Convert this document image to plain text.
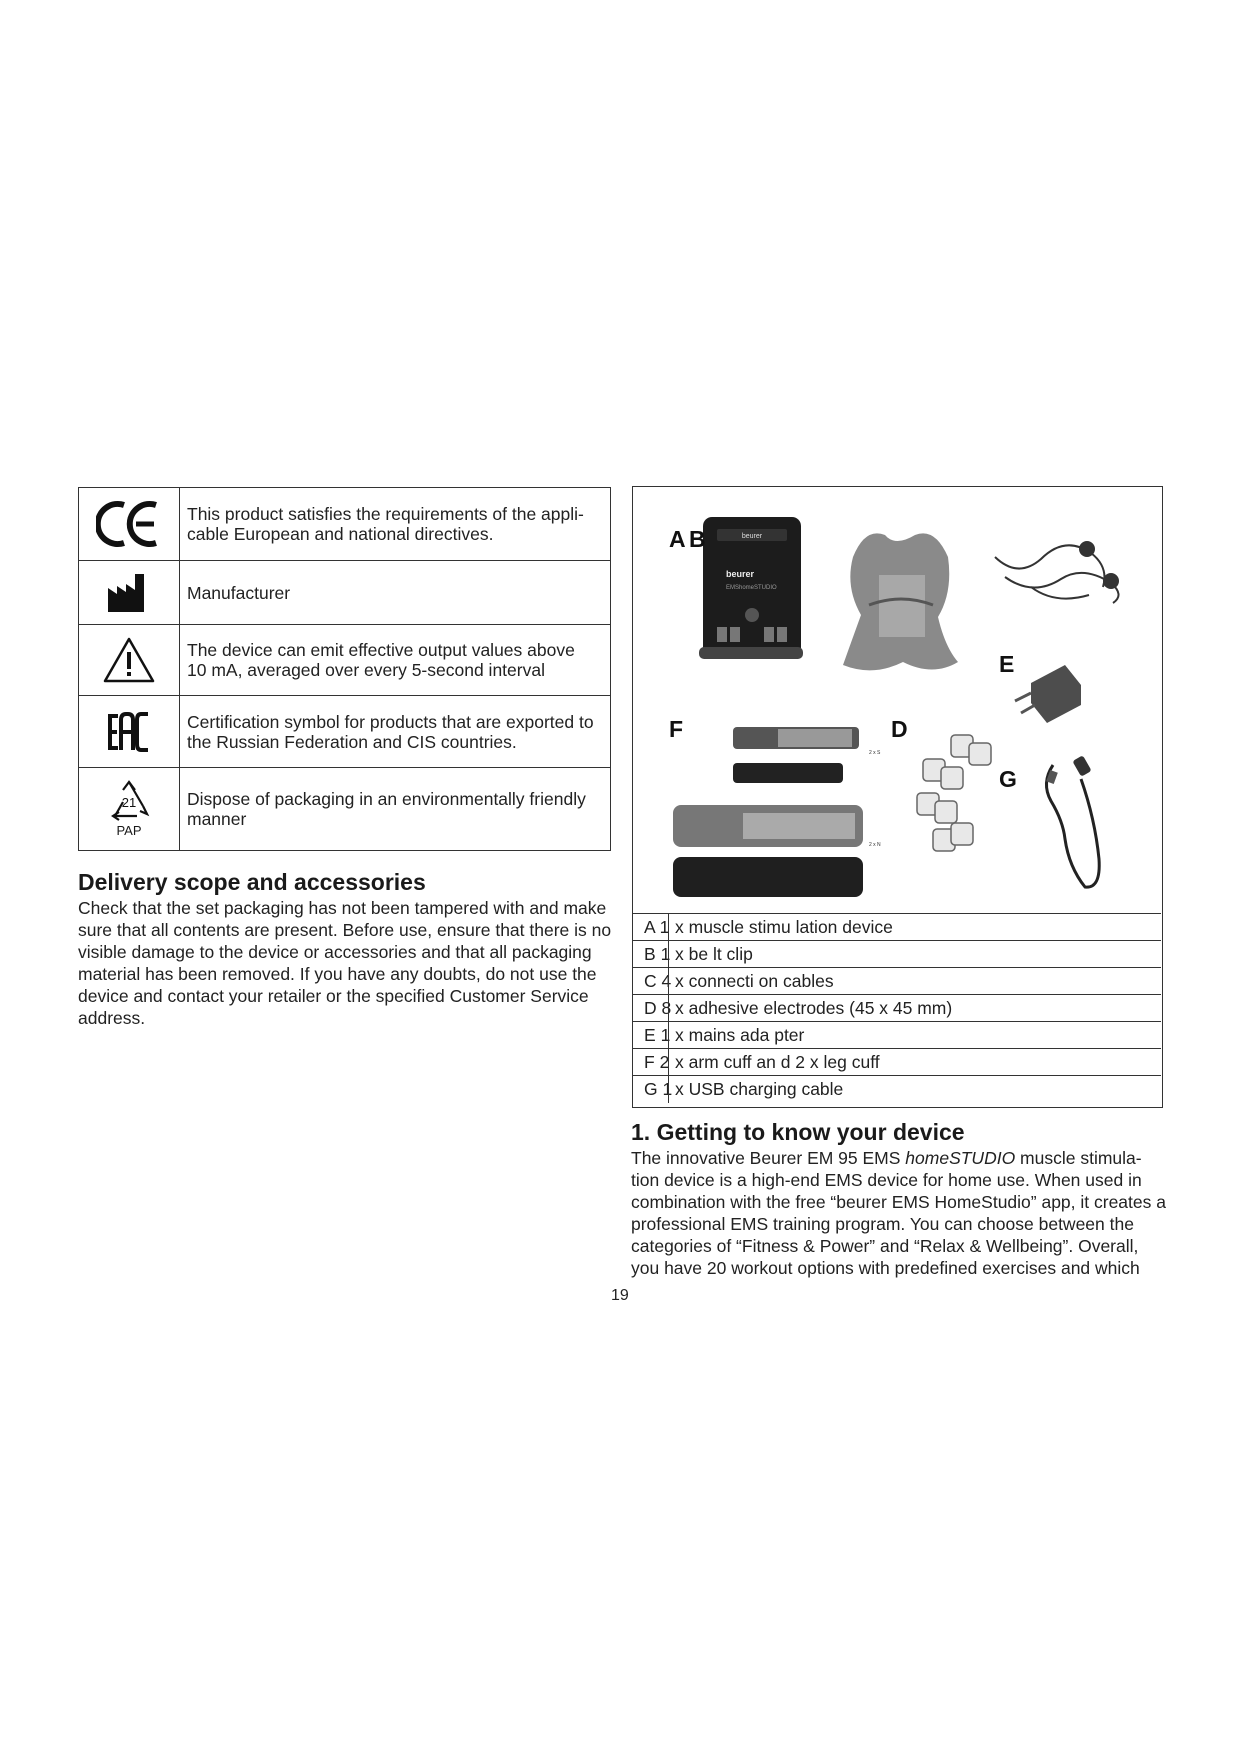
This product satisfies the requirements of the appli- cable European and national directives.
Manufacturer
The device can emit effective output values above 10 mA, averaged over every 5-second interval
Certification symbol for products that are exported to the Russian Federation and CIS countries.
21
PAP
Dispose of packaging in an environmentally friendly manner
Delivery scope and accessories
Check that the set packaging has not been tampered with and make sure that all contents are present. Before use, ensure that there is no visible damage to the device or accessories and that all packaging material has been removed. If you have any doubts, do not use the device and contact your retailer or the specified Customer Service address.
beurer
beurer
EMShomeSTUDIO
2 x S
2 x N
A B
E
F	D
G
A 1 x muscle stimu lation device
B 1 x be lt clip
C 4 x connecti on cables
D 8 x adhesive electrodes (45 x 45 mm)
E 1 x mains ada pter
F 2 x arm cuff an d 2 x leg cuff
G 1 x USB charging cable
1. Getting to know your device
The innovative Beurer EM 95 EMS homeSTUDIO muscle stimula- tion device is a high-end EMS device for home use. When used in combination with the free “beurer EMS HomeStudio” app, it creates a professional EMS training program. You can choose between the categories of “Fitness & Power” and “Relax & Wellbeing”. Overall, you have 20 workout options with predefined exercises and which
19
